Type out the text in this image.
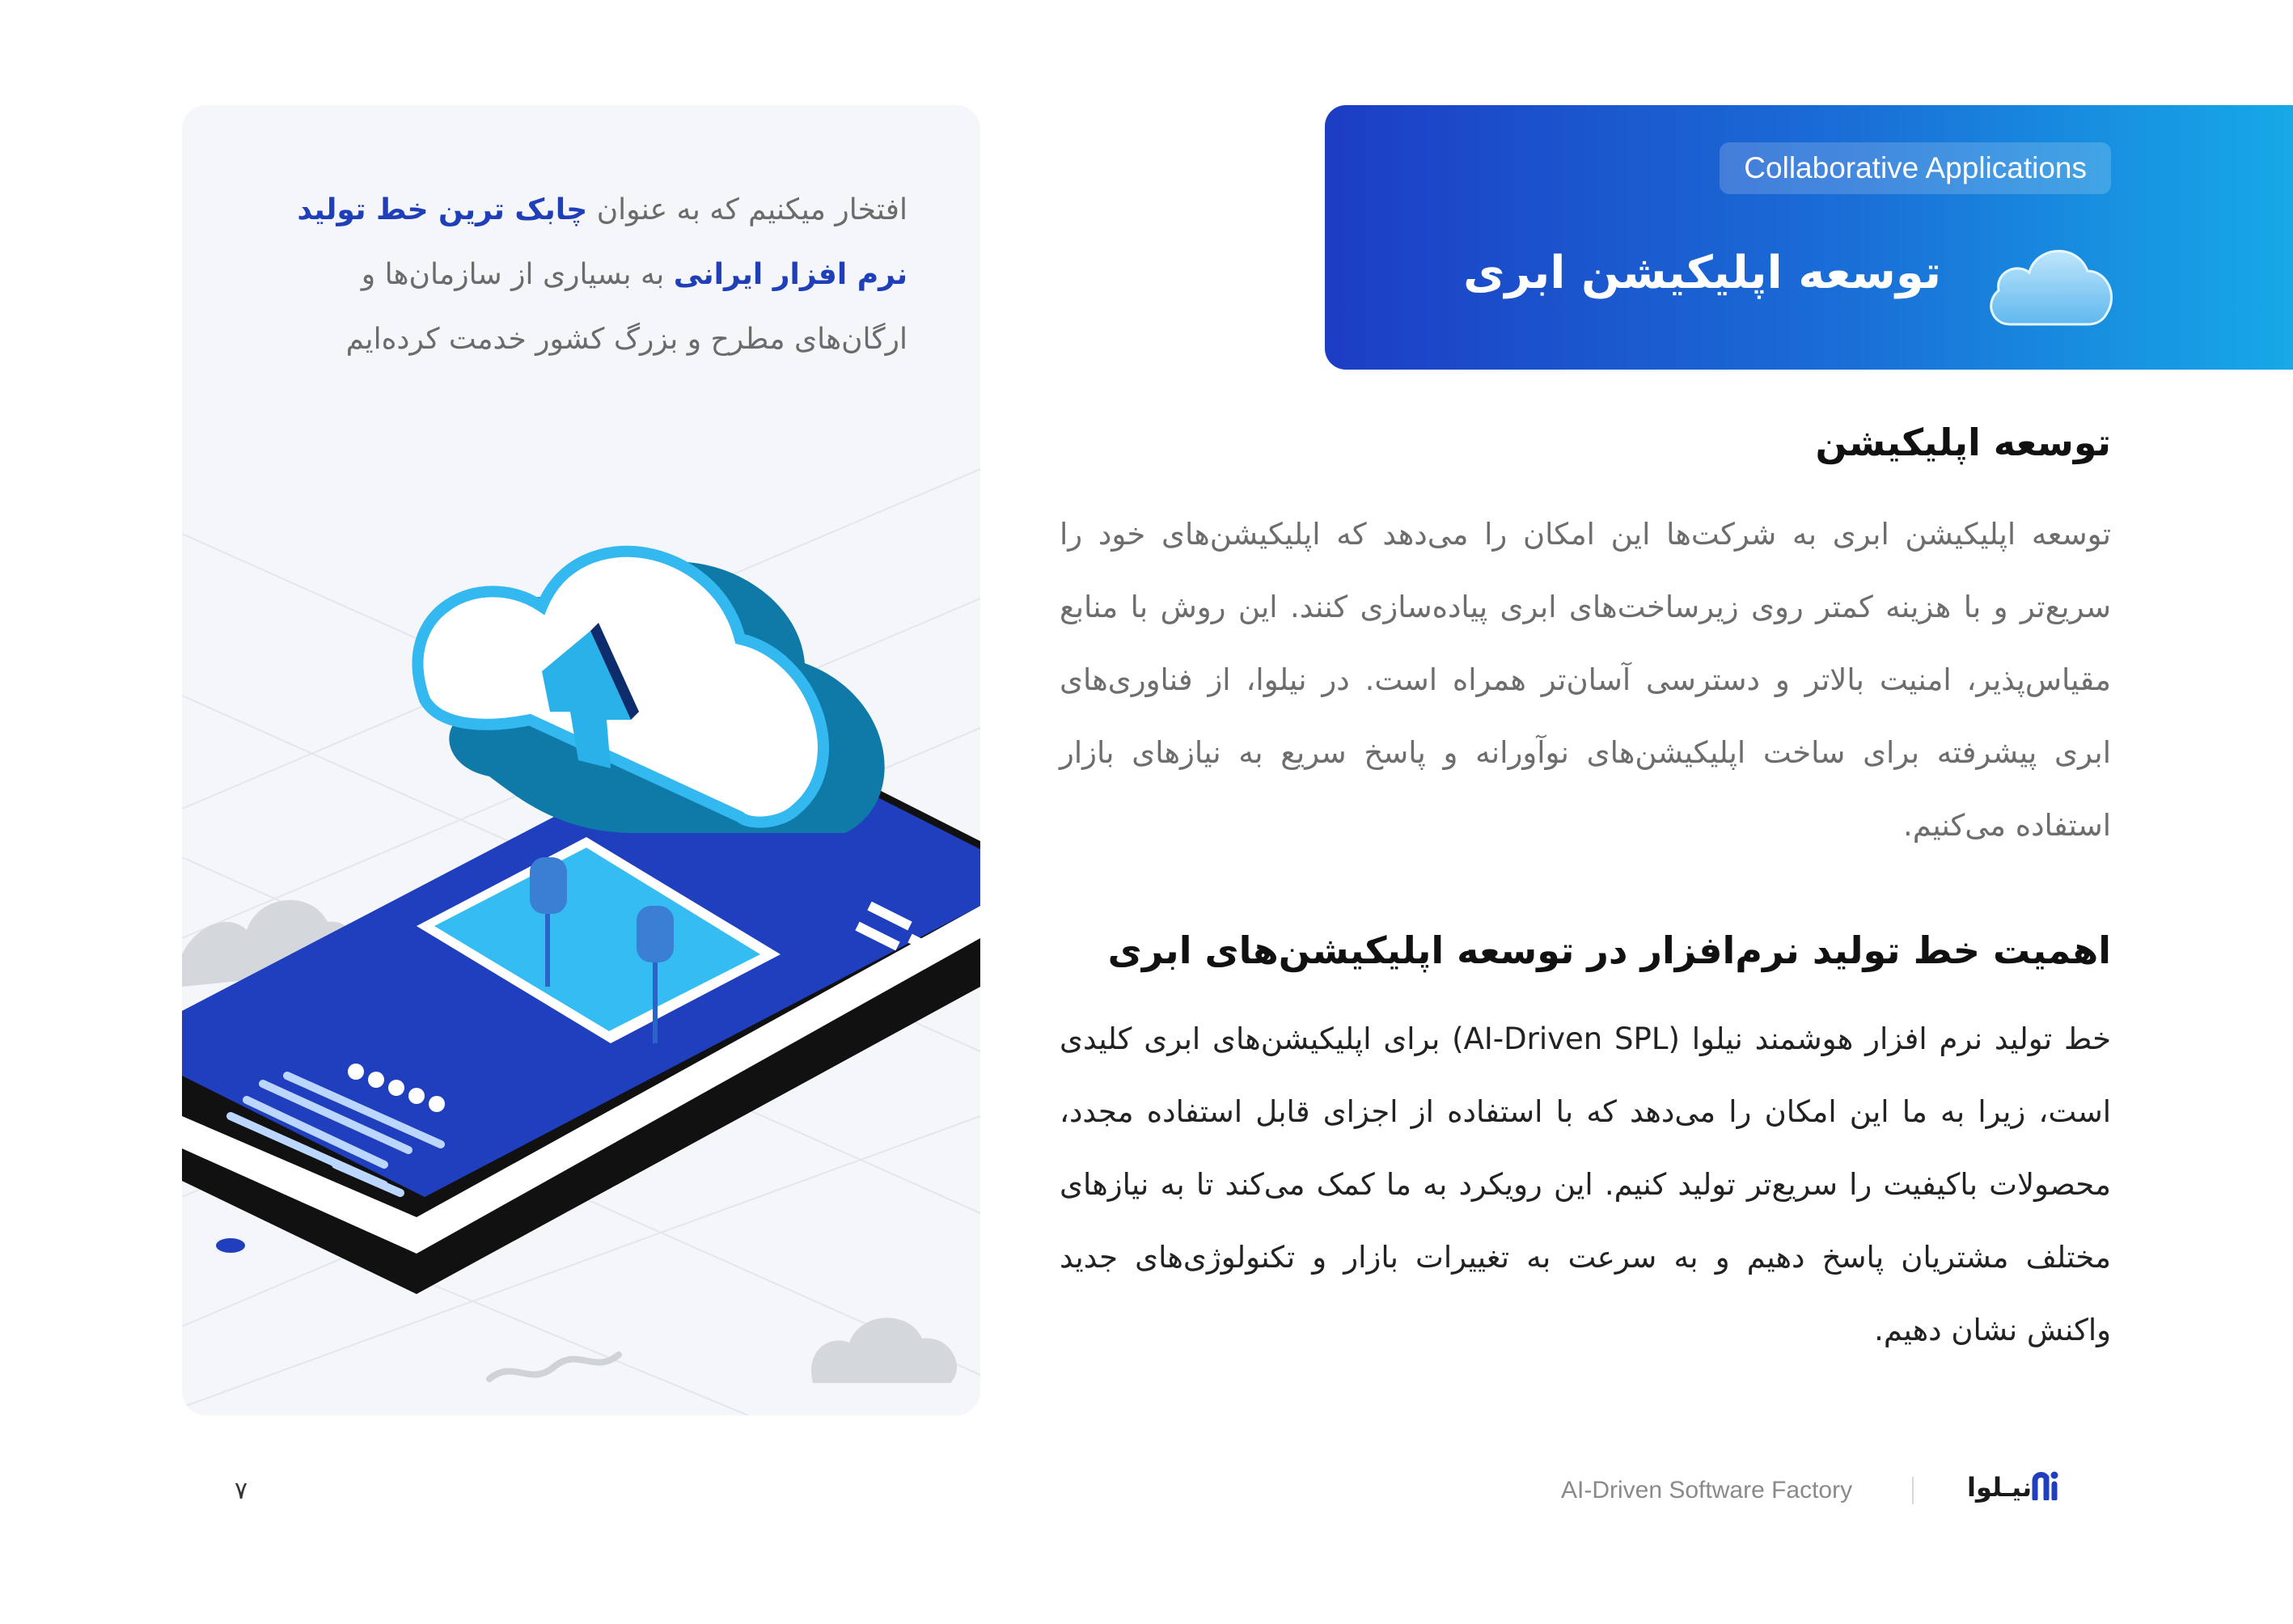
افتخار میکنیم که به عنوان چابک ترین خط تولید نرم افزار ایرانی به بسیاری از سازمان‌ها و ارگان‌های مطرح و بزرگ کشور خدمت کرده‌ایم
Collaborative Applications
توسعه اپلیکیشن ابری
توسعه اپلیکیشن
توسعه اپلیکیشن ابری به شرکت‌ها این امکان را می‌دهد که اپلیکیشن‌های خود را سریع‌تر و با هزینه کمتر روی زیرساخت‌های ابری پیاده‌سازی کنند. این روش با منابع مقیاس‌پذیر، امنیت بالاتر و دسترسی آسان‌تر همراه است. در نیلوا، از فناوری‌های ابری پیشرفته برای ساخت اپلیکیشن‌های نوآورانه و پاسخ سریع به نیازهای بازار استفاده می‌کنیم.
اهمیت خط تولید نرم‌افزار در توسعه اپلیکیشن‌های ابری
خط تولید نرم افزار هوشمند نیلوا (AI-Driven SPL) برای اپلیکیشن‌های ابری کلیدی است، زیرا به ما این امکان را می‌دهد که با استفاده از اجزای قابل استفاده مجدد، محصولات باکیفیت را سریع‌تر تولید کنیم. این رویکرد به ما کمک می‌کند تا به نیازهای مختلف مشتریان پاسخ دهیم و به سرعت به تغییرات بازار و تکنولوژی‌های جدید واکنش نشان دهیم.
۷	AI-Driven Software Factory	نیـلوا
